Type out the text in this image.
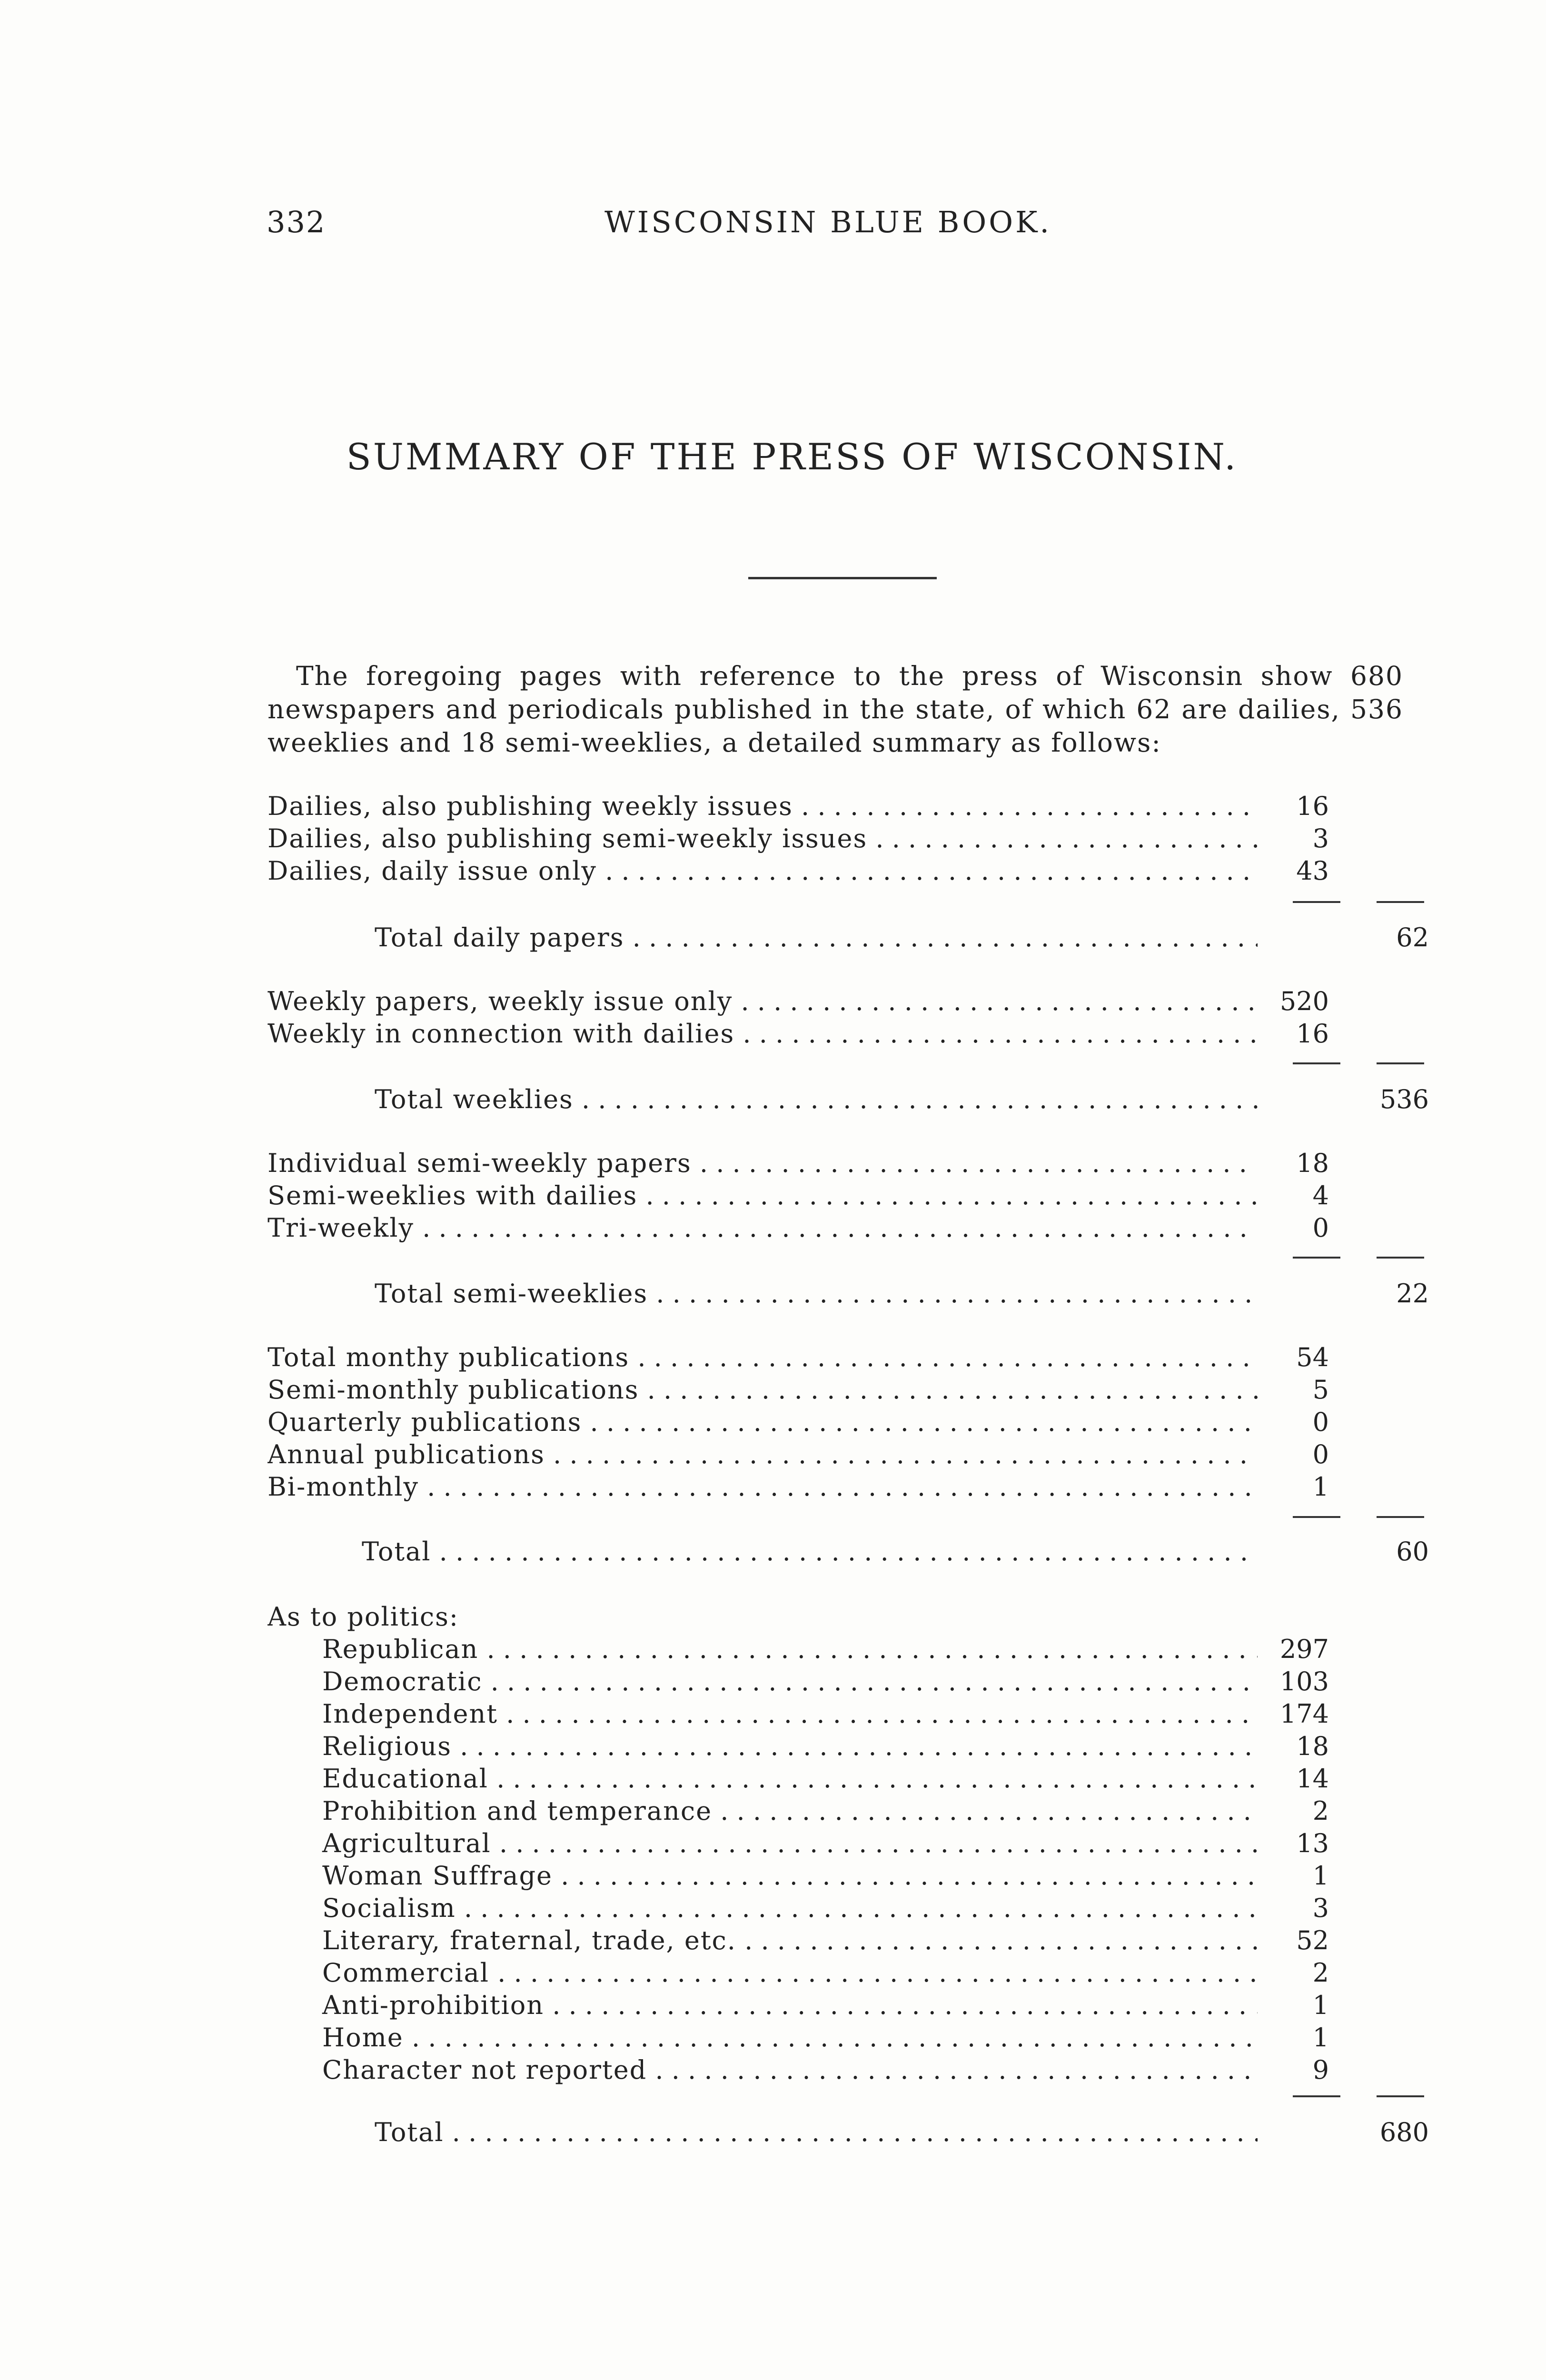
332	WISCONSIN BLUE BOOK.
SUMMARY OF THE PRESS OF WISCONSIN.

The foregoing pages with reference to the press of Wisconsin show 680 newspapers and periodicals published in the state, of which 62 are dailies, 536 weeklies and 18 semi-weeklies, a detailed summary as follows:

Dailies, also publishing weekly issues . . .	16
Dailies, also publishing semi-weekly issues . . .	3
Dailies, daily issue only . . .	43
Total daily papers . . .	62
Weekly papers, weekly issue only . . .	520
Weekly in connection with dailies . . .	16
Total weeklies . . .	536
Individual semi-weekly papers . . .	18
Semi-weeklies with dailies . . .	4
Tri-weekly . . .	0
Total semi-weeklies . . .	22
Total monthy publications . . .	54
Semi-monthly publications . . .	5
Quarterly publications . . .	0
Annual publications . . .	0
Bi-monthly . . .	1
Total . . .	60
As to politics:
Republican . . .	297
Democratic . . .	103
Independent . . .	174
Religious . . .	18
Educational . . .	14
Prohibition and temperance . . .	2
Agricultural . . .	13
Woman Suffrage . . .	1
Socialism . . .	3
Literary, fraternal, trade, etc. . . .	52
Commercial . . .	2
Anti-prohibition . . .	1
Home . . .	1
Character not reported . . .	9
Total . . .	680
